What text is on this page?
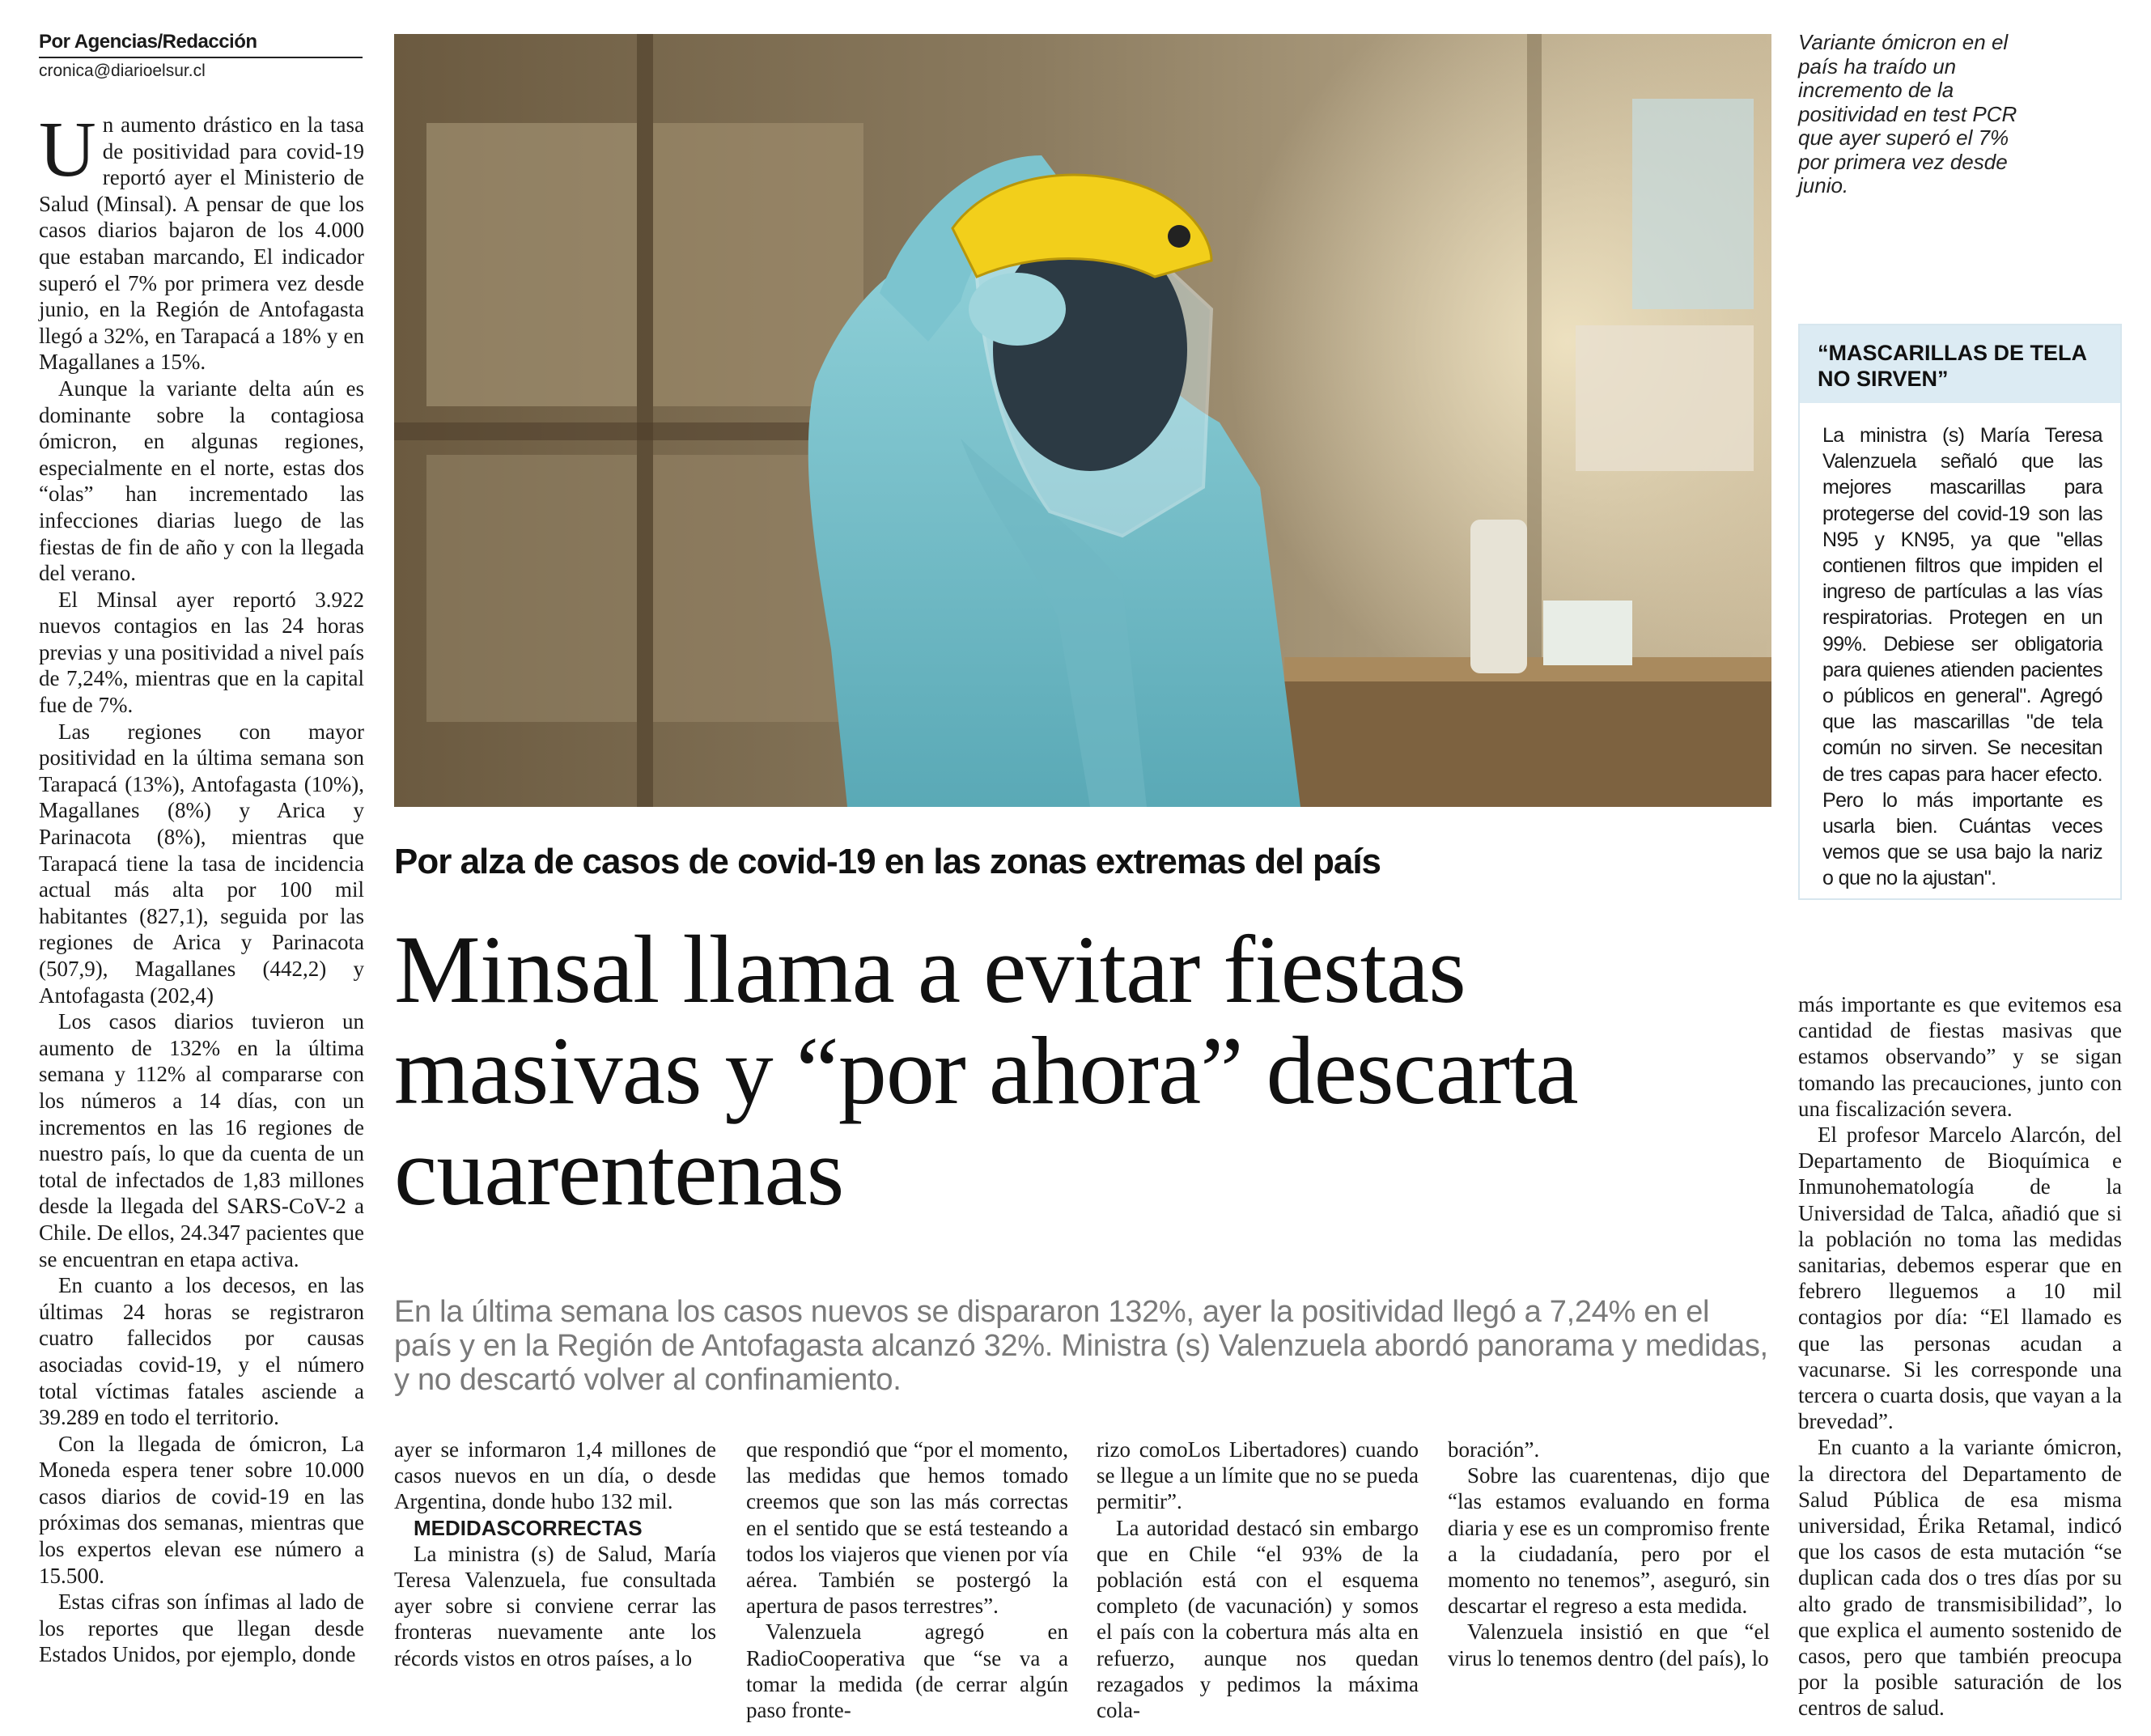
Por Agencias/Redacción
cronica@diarioelsur.cl

Un aumento drástico en la tasa de positividad para covid-19 reportó ayer el Ministerio de Salud (Minsal). A pensar de que los casos diarios bajaron de los 4.000 que estaban marcando, El indicador superó el 7% por primera vez desde junio, en la Región de Antofagasta llegó a 32%, en Tarapacá a 18% y en Magallanes a 15%.

Aunque la variante delta aún es dominante sobre la contagiosa ómicron, en algunas regiones, especialmente en el norte, estas dos “olas” han incrementado las infecciones diarias luego de las fiestas de fin de año y con la llegada del verano.

El Minsal ayer reportó 3.922 nuevos contagios en las 24 horas previas y una positividad a nivel país de 7,24%, mientras que en la capital fue de 7%.

Las regiones con mayor positividad en la última semana son Tarapacá (13%), Antofagasta (10%), Magallanes (8%) y Arica y Parinacota (8%), mientras que Tarapacá tiene la tasa de incidencia actual más alta por 100 mil habitantes (827,1), seguida por las regiones de Arica y Parinacota (507,9), Magallanes (442,2) y Antofagasta (202,4)

Los casos diarios tuvieron un aumento de 132% en la última semana y 112% al compararse con los números a 14 días, con un incrementos en las 16 regiones de nuestro país, lo que da cuenta de un total de infectados de 1,83 millones desde la llegada del SARS-CoV-2 a Chile. De ellos, 24.347 pacientes que se encuentran en etapa activa.

En cuanto a los decesos, en las últimas 24 horas se registraron cuatro fallecidos por causas asociadas covid-19, y el número total víctimas fatales asciende a 39.289 en todo el territorio.

Con la llegada de ómicron, La Moneda espera tener sobre 10.000 casos diarios de covid-19 en las próximas dos semanas, mientras que los expertos elevan ese número a 15.500.

Estas cifras son ínfimas al lado de los reportes que llegan desde Estados Unidos, por ejemplo, donde

Variante ómicron en el país ha traído un incremento de la positividad en test PCR que ayer superó el 7% por primera vez desde junio.
“MASCARILLAS DE TELA NO SIRVEN”
La ministra (s) María Teresa Valenzuela señaló que las mejores mascarillas para protegerse del covid-19 son las N95 y KN95, ya que "ellas contienen filtros que impiden el ingreso de partículas a las vías respiratorias. Protegen en un 99%. Debiese ser obligatoria para quienes atienden pacientes o públicos en general". Agregó que las mascarillas "de tela común no sirven. Se necesitan de tres capas para hacer efecto. Pero lo más importante es usarla bien. Cuántas veces vemos que se usa bajo la nariz o que no la ajustan".
Por alza de casos de covid-19 en las zonas extremas del país
Minsal llama a evitar fiestas masivas y “por ahora” descarta cuarentenas
En la última semana los casos nuevos se dispararon 132%, ayer la positividad llegó a 7,24% en el país y en la Región de Antofagasta alcanzó 32%. Ministra (s) Valenzuela abordó panorama y medidas, y no descartó volver al confinamiento.

ayer se informaron 1,4 millones de casos nuevos en un día, o desde Argentina, donde hubo 132 mil.

MEDIDASCORRECTAS

La ministra (s) de Salud, María Teresa Valenzuela, fue consultada ayer sobre si conviene cerrar las fronteras nuevamente ante los récords vistos en otros países, a lo

que respondió que “por el momento, las medidas que hemos tomado creemos que son las más correctas en el sentido que se está testeando a todos los viajeros que vienen por vía aérea. También se postergó la apertura de pasos terrestres”.

Valenzuela agregó en RadioCooperativa que “se va a tomar la medida (de cerrar algún paso fronte-

rizo comoLos Libertadores) cuando se llegue a un límite que no se pueda permitir”.

La autoridad destacó sin embargo que en Chile “el 93% de la población está con el esquema completo (de vacunación) y somos el país con la cobertura más alta en refuerzo, aunque nos quedan rezagados y pedimos la máxima cola-

boración”.

Sobre las cuarentenas, dijo que “las estamos evaluando en forma diaria y ese es un compromiso frente a la ciudadanía, pero por el momento no tenemos”, aseguró, sin descartar el regreso a esta medida.

Valenzuela insistió en que “el virus lo tenemos dentro (del país), lo

más importante es que evitemos esa cantidad de fiestas masivas que estamos observando” y se sigan tomando las precauciones, junto con una fiscalización severa.

El profesor Marcelo Alarcón, del Departamento de Bioquímica e Inmunohematología de la Universidad de Talca, añadió que si la población no toma las medidas sanitarias, debemos esperar que en febrero lleguemos a 10 mil contagios por día: “El llamado es que las personas acudan a vacunarse. Si les corresponde una tercera o cuarta dosis, que vayan a la brevedad”.

En cuanto a la variante ómicron, la directora del Departamento de Salud Pública de esa misma universidad, Érika Retamal, indicó que los casos de esta mutación “se duplican cada dos o tres días por su alto grado de transmisibilidad”, lo que explica el aumento sostenido de casos, pero que también preocupa por la posible saturación de los centros de salud.
